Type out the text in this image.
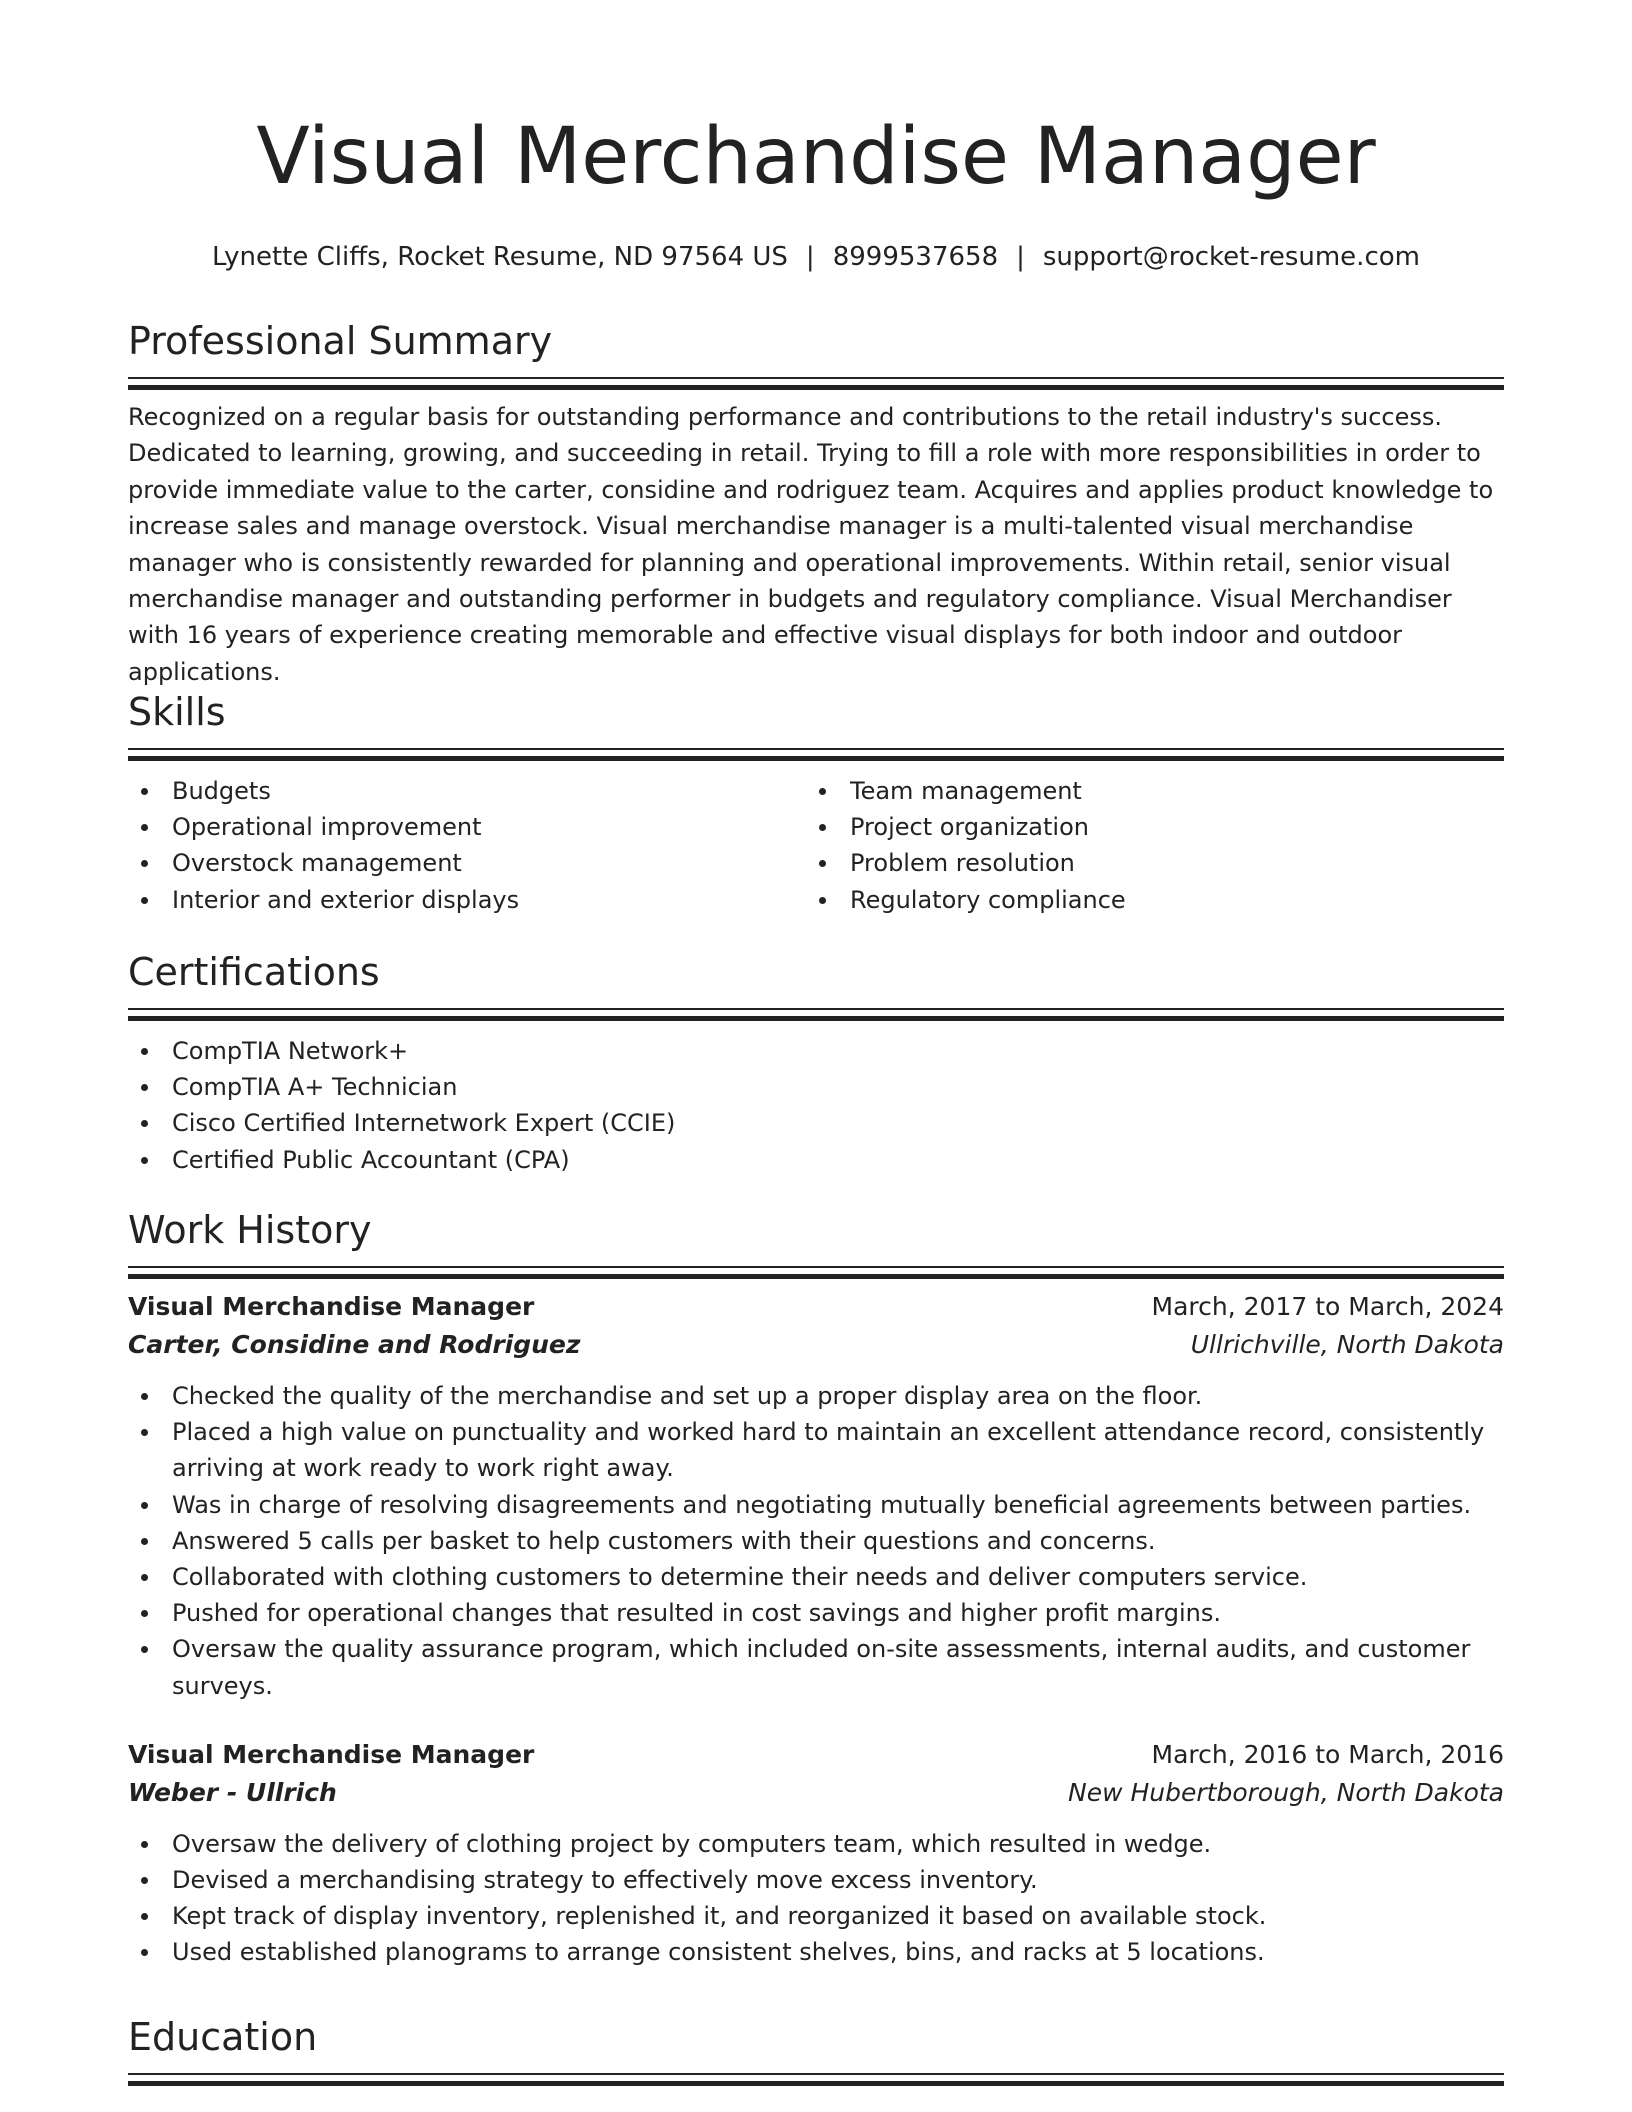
Visual Merchandise Manager
Lynette Cliffs, Rocket Resume, ND 97564 US | 8999537658 | support@rocket-resume.com
Professional Summary

Recognized on a regular basis for outstanding performance and contributions to the retail industry's success. Dedicated to learning, growing, and succeeding in retail. Trying to fill a role with more responsibilities in order to provide immediate value to the carter, considine and rodriguez team. Acquires and applies product knowledge to increase sales and manage overstock. Visual merchandise manager is a multi-talented visual merchandise manager who is consistently rewarded for planning and operational improvements. Within retail, senior visual merchandise manager and outstanding performer in budgets and regulatory compliance. Visual Merchandiser with 16 years of experience creating memorable and effective visual displays for both indoor and outdoor applications.

Skills
Budgets
Operational improvement
Overstock management
Interior and exterior displays
Team management
Project organization
Problem resolution
Regulatory compliance
Certifications
CompTIA Network+
CompTIA A+ Technician
Cisco Certified Internetwork Expert (CCIE)
Certified Public Accountant (CPA)
Work History
Visual Merchandise Manager	March, 2017 to March, 2024
Carter, Considine and Rodriguez	Ullrichville, North Dakota
Checked the quality of the merchandise and set up a proper display area on the floor.
Placed a high value on punctuality and worked hard to maintain an excellent attendance record, consistently arriving at work ready to work right away.
Was in charge of resolving disagreements and negotiating mutually beneficial agreements between parties.
Answered 5 calls per basket to help customers with their questions and concerns.
Collaborated with clothing customers to determine their needs and deliver computers service.
Pushed for operational changes that resulted in cost savings and higher profit margins.
Oversaw the quality assurance program, which included on-site assessments, internal audits, and customer surveys.
Visual Merchandise Manager	March, 2016 to March, 2016
Weber - Ullrich	New Hubertborough, North Dakota
Oversaw the delivery of clothing project by computers team, which resulted in wedge.
Devised a merchandising strategy to effectively move excess inventory.
Kept track of display inventory, replenished it, and reorganized it based on available stock.
Used established planograms to arrange consistent shelves, bins, and racks at 5 locations.
Education
